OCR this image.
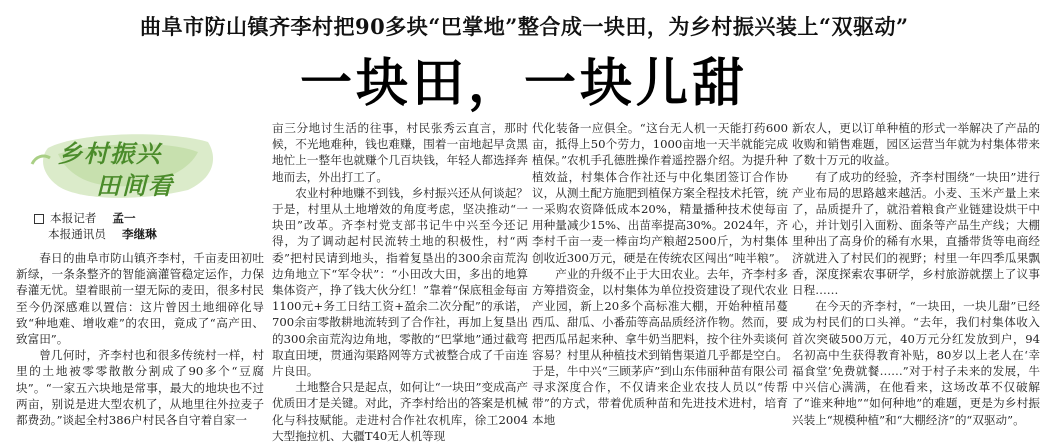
曲阜市防山镇齐李村把90多块“巴掌地”整合成一块田，为乡村振兴装上“双驱动”
一块田，一块儿甜
乡村振兴
田间看
本报记者 孟一
本报通讯员 李继琳

春日的曲阜市防山镇齐李村，千亩麦田初吐新绿，一条条整齐的智能滴灌管稳定运作，力保春灌无忧。望着眼前一望无际的麦田，很多村民至今仍深感难以置信：这片曾因土地细碎化导致“种地难、增收难”的农田，竟成了“高产田、致富田”。

曾几何时，齐李村也和很多传统村一样，村里的土地被零零散散分割成了90多个“豆腐块”。“一家五六块地是常事，最大的地块也不过两亩，别说是进大型农机了，从地里往外拉麦子都费劲。”谈起全村386户村民各自守着自家一

亩三分地讨生活的往事，村民张秀云直言，那时候，不光地难种，钱也难赚，围着一亩地起早贪黑地忙上一整年也就赚个几百块钱，年轻人都选择奔地而去，外出打工了。

农业村种地赚不到钱，乡村振兴还从何谈起？于是，村里从土地增效的角度考虑，坚决推动“一块田”改革。齐李村党支部书记牛中兴至今还记得，为了调动起村民流转土地的积极性，村“两委”把村民请到地头，指着复垦出的300余亩荒沟边角地立下“军令状”：“小田改大田，多出的地算集体资产，挣了钱大伙分红！”靠着“保底租金每亩1100元+务工日结工资+盈余二次分配”的承诺，700余亩零散耕地流转到了合作社，再加上复垦出的300余亩荒沟边角地，零散的“巴掌地”通过截弯取直田埂，贯通沟渠路网等方式被整合成了千亩连片良田。

土地整合只是起点，如何让“一块田”变成高产优质田才是关键。对此，齐李村给出的答案是机械化与科技赋能。走进村合作社农机库，徐工2004大型拖拉机、大疆T40无人机等现

代化装备一应俱全。“这台无人机一天能打药600亩，抵得上50个劳力，1000亩地一天半就能完成植保。”农机手孔德胜操作着遥控器介绍。为提升种植效益，村集体合作社还与中化集团签订合作协议，从测土配方施肥到植保方案全程技术托管，统一采购农资降低成本20%，精量播种技术使每亩用种量减少15%、出苗率提高30%。2024年，齐李村千亩一麦一棒亩均产粮超2500斤，为村集体创收近300万元，硬是在传统农区闯出“吨半粮”。

产业的升级不止于大田农业。去年，齐李村多方筹措资金，以村集体为单位投资建设了现代农业产业园，新上20多个高标准大棚，开始种植吊蔓西瓜、甜瓜、小番茄等高品质经济作物。然而，要把西瓜吊起来种、拿牛奶当肥料，按个往外卖谈何容易？村里从种植技术到销售渠道几乎都是空白。于是，牛中兴“三顾茅庐”到山东伟丽种苗有限公司寻求深度合作，不仅请来企业农技人员以“传帮带”的方式，带着优质种苗和先进技术进村，培育本地

新农人，更以订单种植的形式一举解决了产品的收购和销售难题，园区运营当年就为村集体带来了数十万元的收益。

有了成功的经验，齐李村围绕“一块田”进行产业布局的思路越来越活。小麦、玉米产量上来了，品质提升了，就沿着粮食产业链建设烘干中心，并计划引入面粉、面条等产品生产线；大棚里种出了高身价的稀有水果，直播带货等电商经济就进入了村民们的视野；村里一年四季瓜果飘香，深度探索农事研学，乡村旅游就摆上了议事日程……

在今天的齐李村，“一块田，一块儿甜”已经成为村民们的口头禅。“去年，我们村集体收入首次突破500万元，40万元分红发放到户，94名初高中生获得教育补贴，80岁以上老人在‘幸福食堂’免费就餐……”对于村子未来的发展，牛中兴信心满满，在他看来，这场改革不仅破解了“谁来种地”“如何种地”的难题，更是为乡村振兴装上“规模种植”和“大棚经济”的“双驱动”。
